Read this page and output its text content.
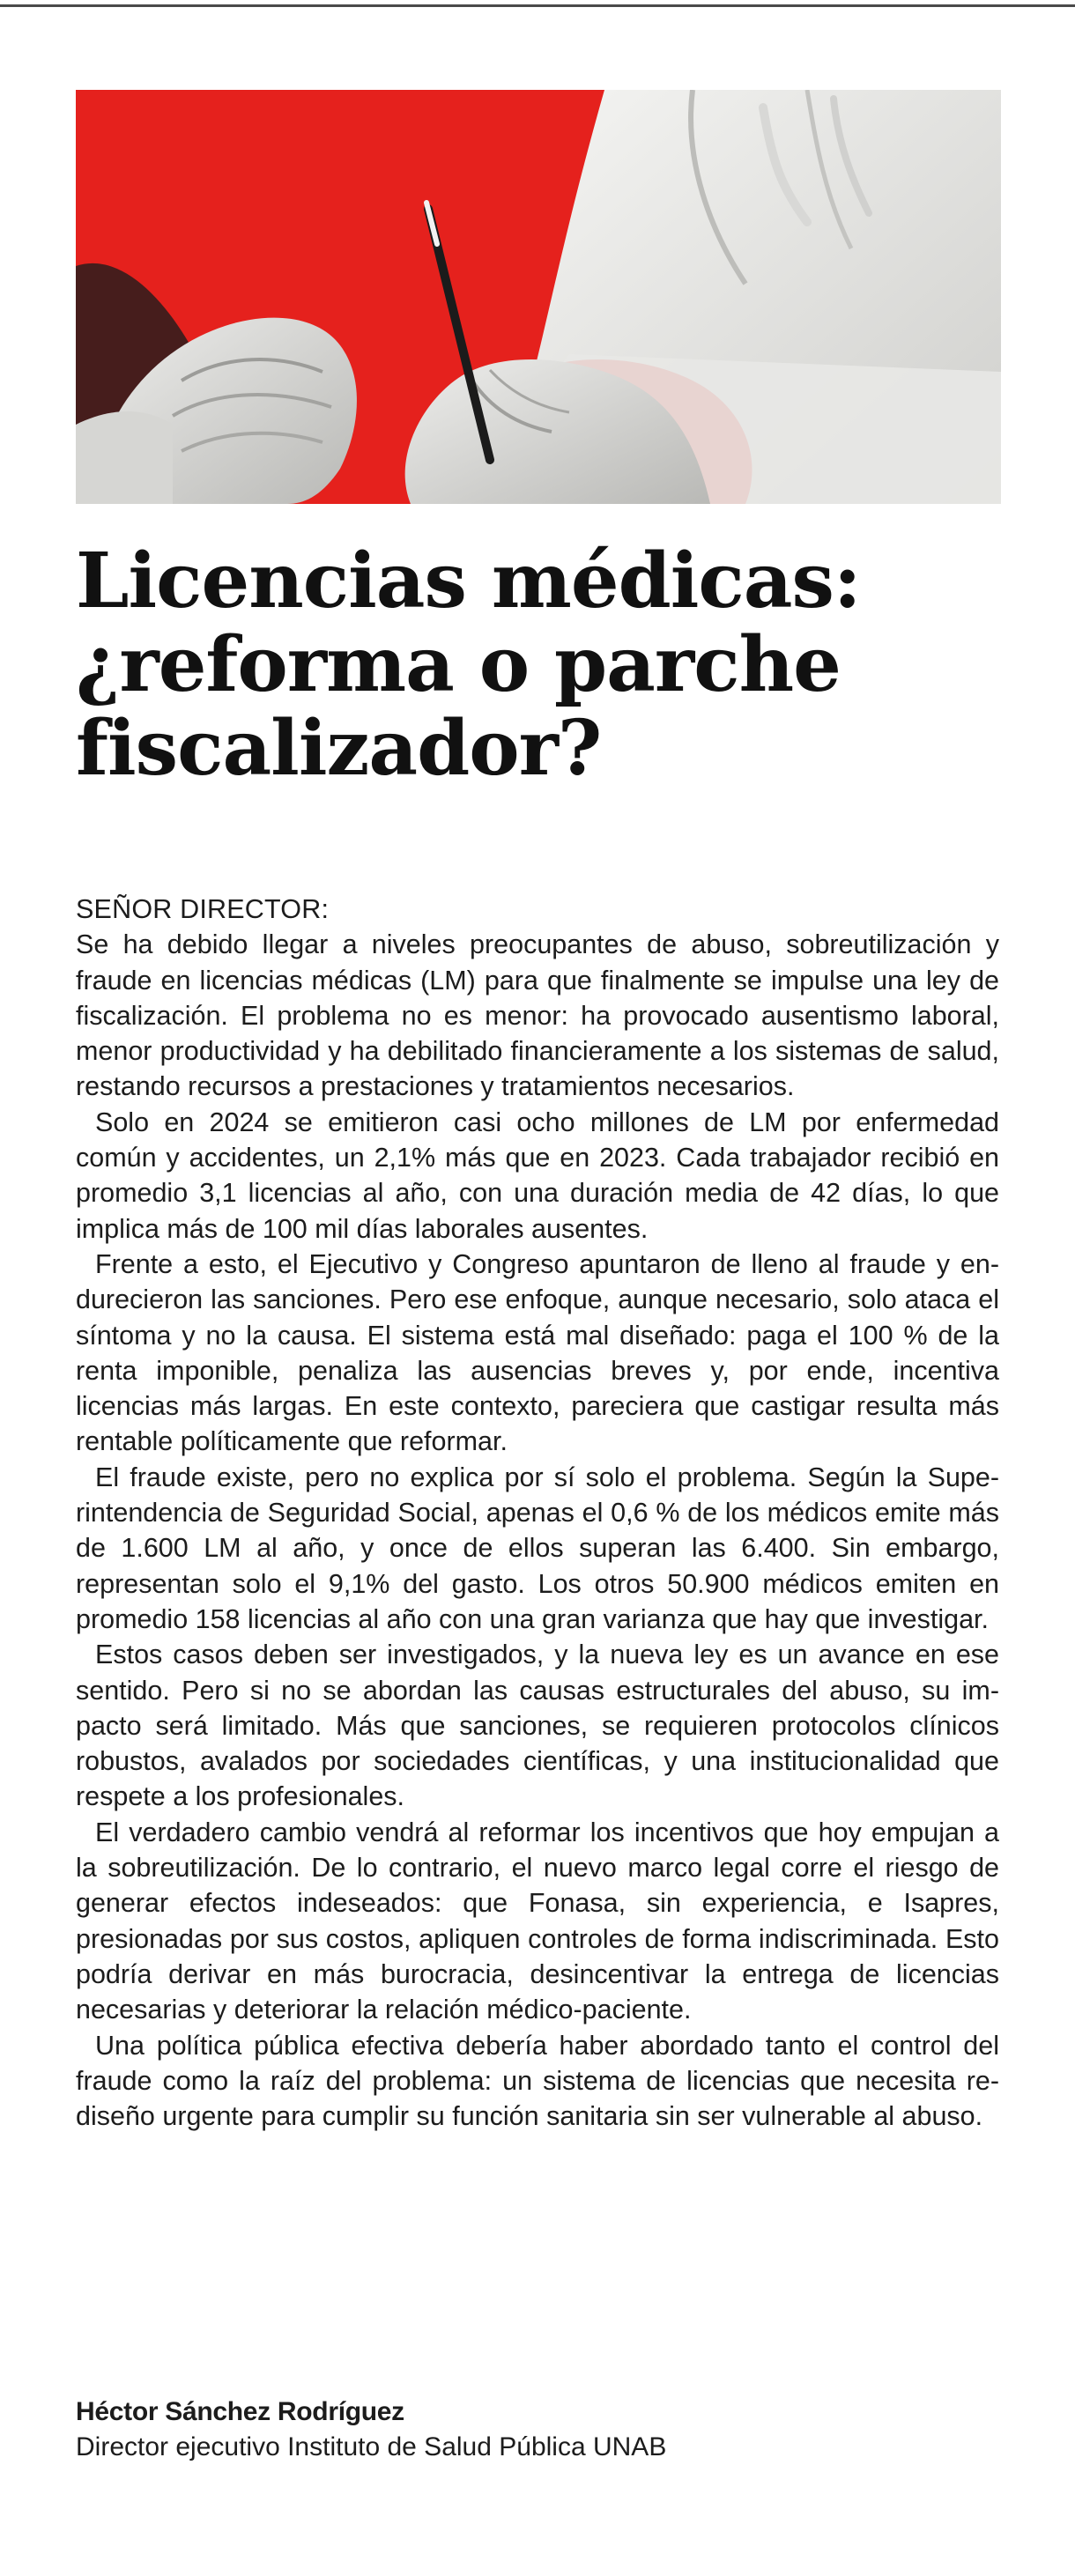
Licencias médicas:
¿reforma o parche
fiscalizador?

SEÑOR DIRECTOR:

Se ha debido llegar a niveles preocupantes de abuso, sobreutilización y fraude en licencias médicas (LM) para que finalmente se impulse una ley de fiscalización. El problema no es menor: ha provocado ausentismo laboral, menor productividad y ha debilitado financieramente a los sistemas de salud, restando recursos a prestaciones y tratamientos necesarios.

Solo en 2024 se emitieron casi ocho millones de LM por enfermedad común y accidentes, un 2,1% más que en 2023. Cada trabajador recibió en promedio 3,1 licencias al año, con una duración media de 42 días, lo que implica más de 100 mil días laborales ausentes.

Frente a esto, el Ejecutivo y Congreso apuntaron de lleno al fraude y endurecieron las sanciones. Pero ese enfoque, aunque necesario, solo ataca el síntoma y no la causa. El sistema está mal diseñado: paga el 100 % de la renta imponible, penaliza las ausencias breves y, por ende, incentiva licencias más largas. En este contexto, pareciera que castigar resulta más rentable políticamente que reformar.

El fraude existe, pero no explica por sí solo el problema. Según la Superintendencia de Seguridad Social, apenas el 0,6 % de los médicos emite más de 1.600 LM al año, y once de ellos superan las 6.400. Sin embargo, representan solo el 9,1% del gasto. Los otros 50.900 médicos emiten en promedio 158 licencias al año con una gran varianza que hay que investigar.

Estos casos deben ser investigados, y la nueva ley es un avance en ese sentido. Pero si no se abordan las causas estructurales del abuso, su impacto será limitado. Más que sanciones, se requieren protocolos clínicos robustos, avalados por sociedades científicas, y una institucionalidad que respete a los profesionales.

El verdadero cambio vendrá al reformar los incentivos que hoy empujan a la sobreutilización. De lo contrario, el nuevo marco legal corre el riesgo de generar efectos indeseados: que Fonasa, sin experiencia, e Isapres, presionadas por sus costos, apliquen controles de forma indiscriminada. Esto podría derivar en más burocracia, desincentivar la entrega de licencias necesarias y deteriorar la relación médico-paciente.

Una política pública efectiva debería haber abordado tanto el control del fraude como la raíz del problema: un sistema de licencias que necesita rediseño urgente para cumplir su función sanitaria sin ser vulnerable al abuso.

Héctor Sánchez Rodríguez

Director ejecutivo Instituto de Salud Pública UNAB
